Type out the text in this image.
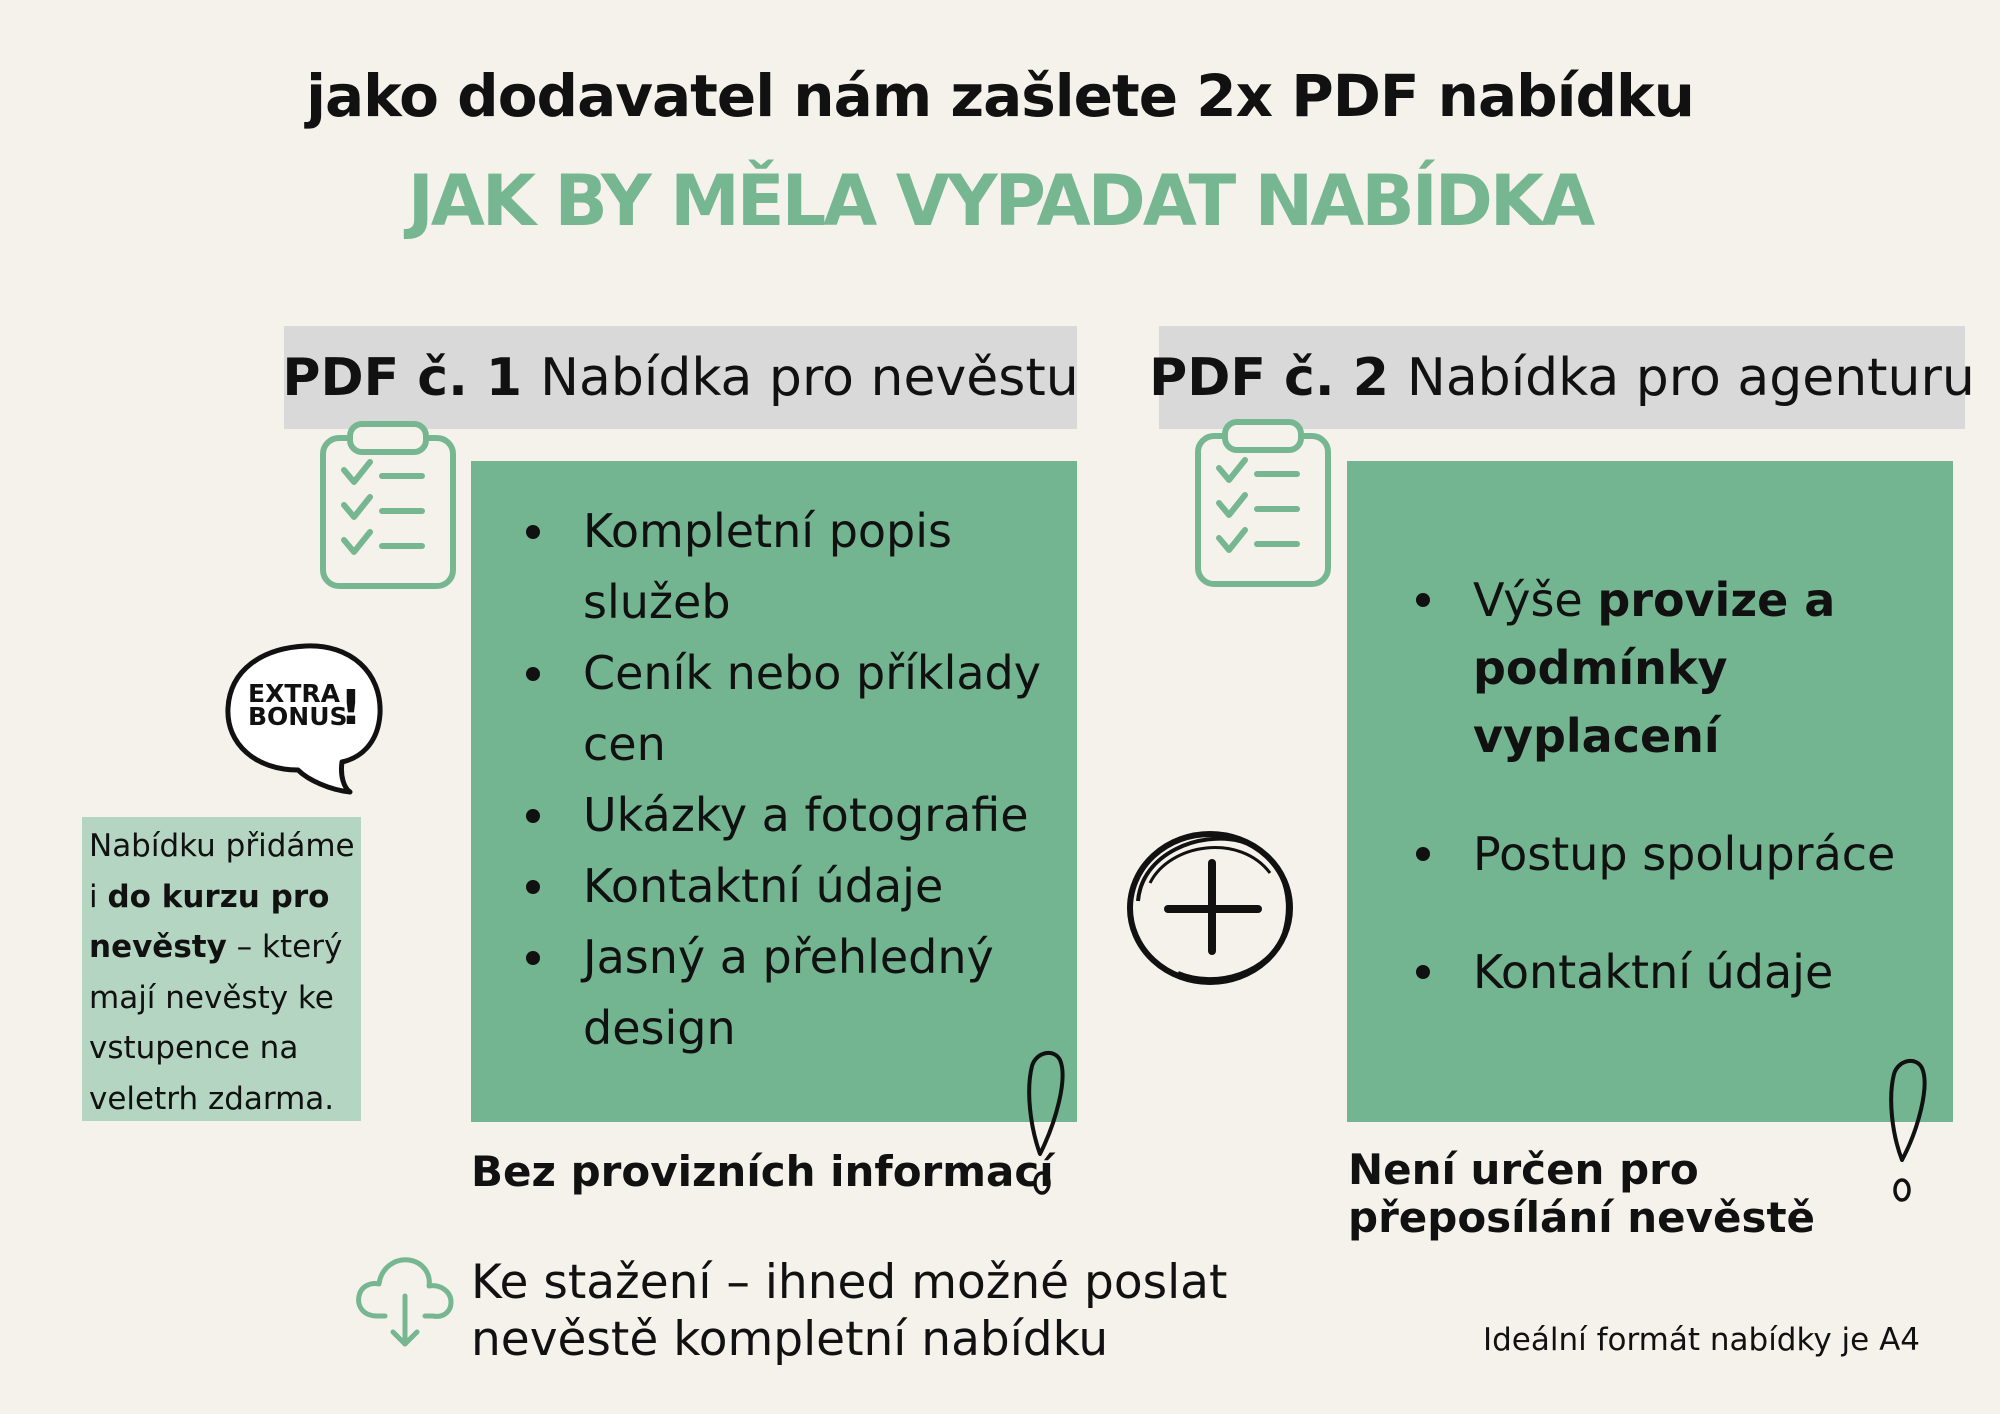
jako dodavatel nám zašlete 2x PDF nabídku
JAK BY MĚLA VYPADAT NABÍDKA
PDF č. 1 Nabídka pro nevěstu PDF č. 2 Nabídka pro agenturu
Kompletní popis služeb
Ceník nebo příklady cen
Ukázky a fotografie
Kontaktní údaje
Jasný a přehledný design
Výše provize a podmínky vyplacení
Postup spolupráce
Kontaktní údaje
EXTRA
BONUS
!
Nabídku přidáme i do kurzu pro nevěsty – který mají nevěsty ke vstupence na veletrh zdarma.
Bez provizních informací	Není určen pro
přeposílání nevěstě
Ke stažení – ihned možné poslat
nevěstě kompletní nabídku	Ideální formát nabídky je A4
